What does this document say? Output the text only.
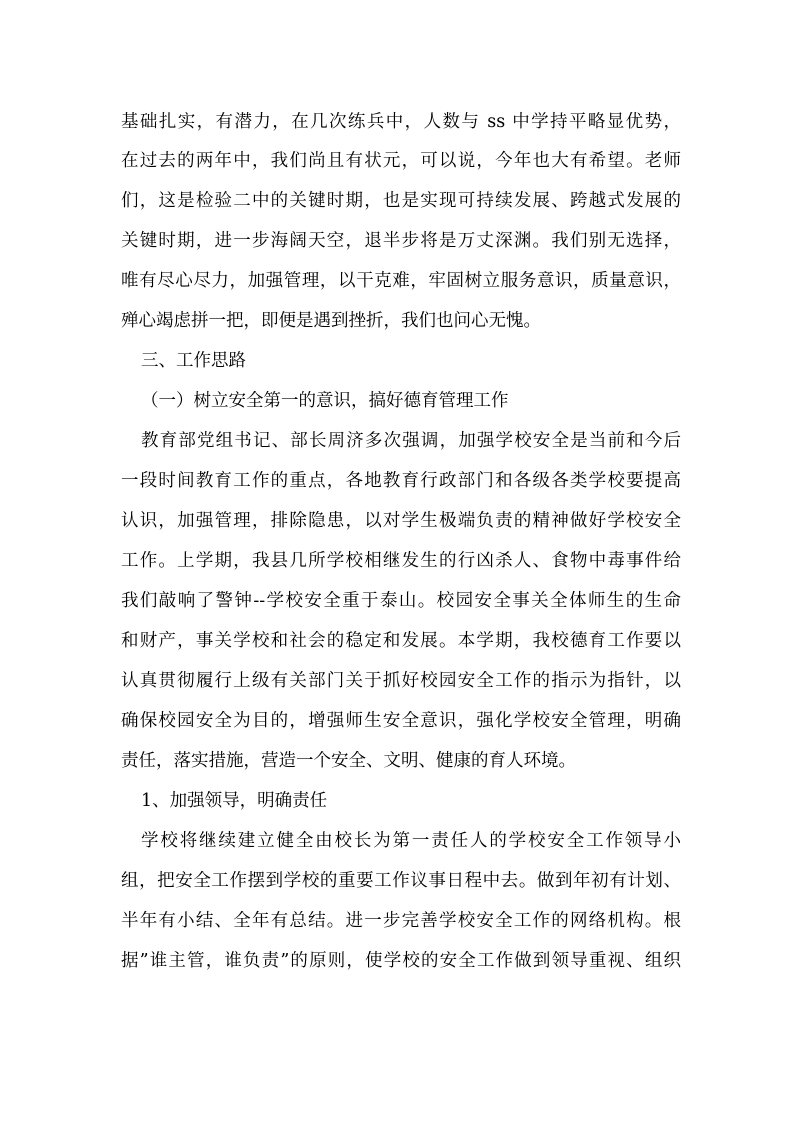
基础扎实，有潜力，在几次练兵中，人数与 ss 中学持平略显优势，
在过去的两年中，我们尚且有状元，可以说，今年也大有希望。老师
们，这是检验二中的关键时期，也是实现可持续发展、跨越式发展的
关键时期，进一步海阔天空，退半步将是万丈深渊。我们别无选择，
唯有尽心尽力，加强管理，以干克难，牢固树立服务意识，质量意识，
殚心竭虑拼一把，即便是遇到挫折，我们也问心无愧。
三、工作思路
（一）树立安全第一的意识，搞好德育管理工作
教育部党组书记、部长周济多次强调，加强学校安全是当前和今后
一段时间教育工作的重点，各地教育行政部门和各级各类学校要提高
认识，加强管理，排除隐患，以对学生极端负责的精神做好学校安全
工作。上学期，我县几所学校相继发生的行凶杀人、食物中毒事件给
我们敲响了警钟--学校安全重于泰山。校园安全事关全体师生的生命
和财产，事关学校和社会的稳定和发展。本学期，我校德育工作要以
认真贯彻履行上级有关部门关于抓好校园安全工作的指示为指针，以
确保校园安全为目的，增强师生安全意识，强化学校安全管理，明确
责任，落实措施，营造一个安全、文明、健康的育人环境。
1、加强领导，明确责任
学校将继续建立健全由校长为第一责任人的学校安全工作领导小
组，把安全工作摆到学校的重要工作议事日程中去。做到年初有计划、
半年有小结、全年有总结。进一步完善学校安全工作的网络机构。根
据”谁主管，谁负责”的原则，使学校的安全工作做到领导重视、组织
